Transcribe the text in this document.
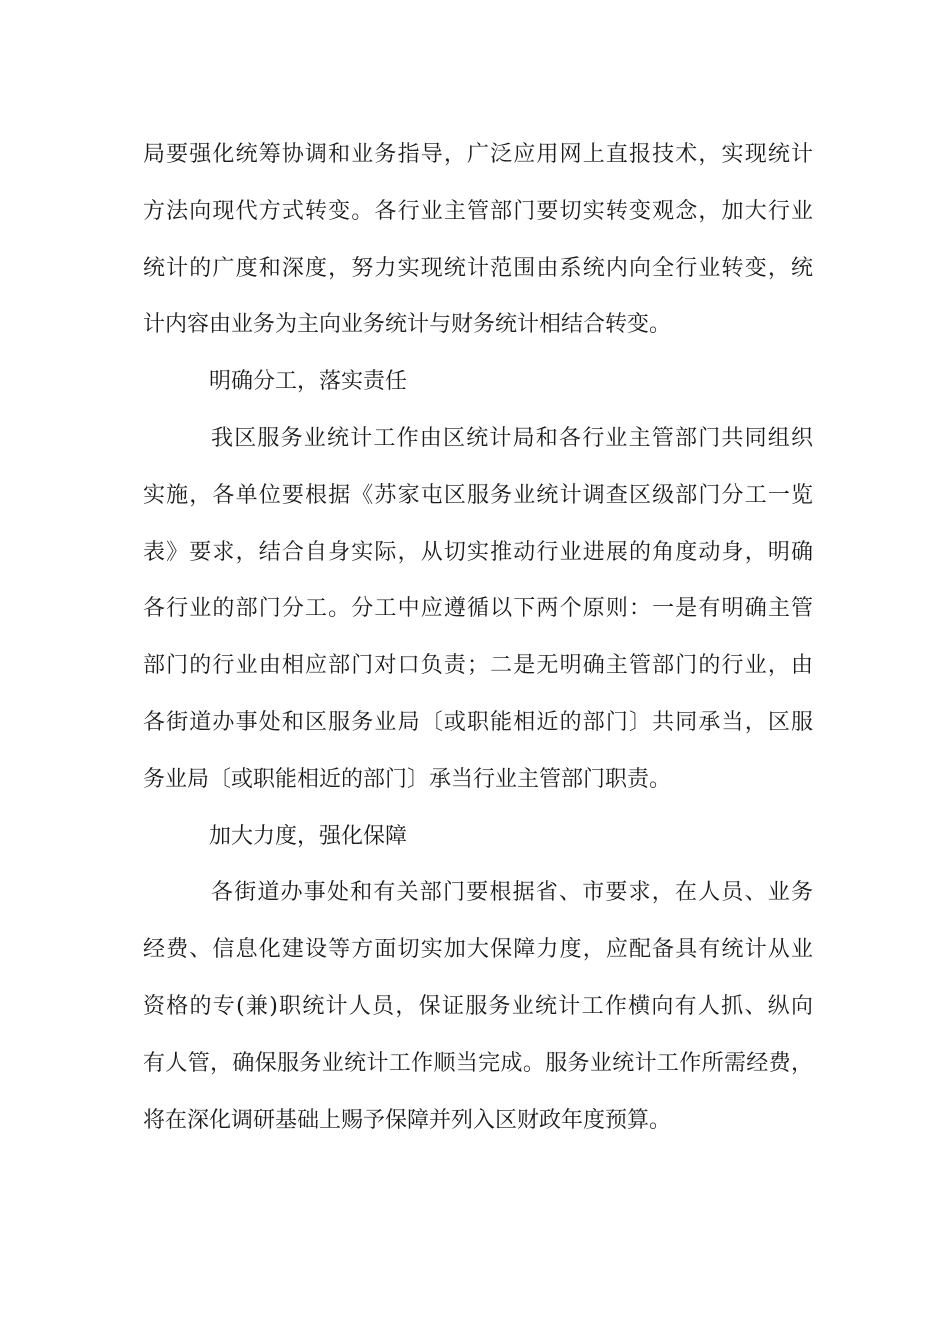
局要强化统筹协调和业务指导，广泛应用网上直报技术，实现统计
方法向现代方式转变。各行业主管部门要切实转变观念，加大行业
统计的广度和深度，努力实现统计范围由系统内向全行业转变，统
计内容由业务为主向业务统计与财务统计相结合转变。
明确分工，落实责任
我区服务业统计工作由区统计局和各行业主管部门共同组织
实施，各单位要根据《苏家屯区服务业统计调查区级部门分工一览
表》要求，结合自身实际，从切实推动行业进展的角度动身，明确
各行业的部门分工。分工中应遵循以下两个原则：一是有明确主管
部门的行业由相应部门对口负责；二是无明确主管部门的行业，由
各街道办事处和区服务业局〔或职能相近的部门〕共同承当，区服
务业局〔或职能相近的部门〕承当行业主管部门职责。
加大力度，强化保障
各街道办事处和有关部门要根据省、市要求，在人员、业务
经费、信息化建设等方面切实加大保障力度，应配备具有统计从业
资格的专(兼)职统计人员，保证服务业统计工作横向有人抓、纵向
有人管，确保服务业统计工作顺当完成。服务业统计工作所需经费，
将在深化调研基础上赐予保障并列入区财政年度预算。
